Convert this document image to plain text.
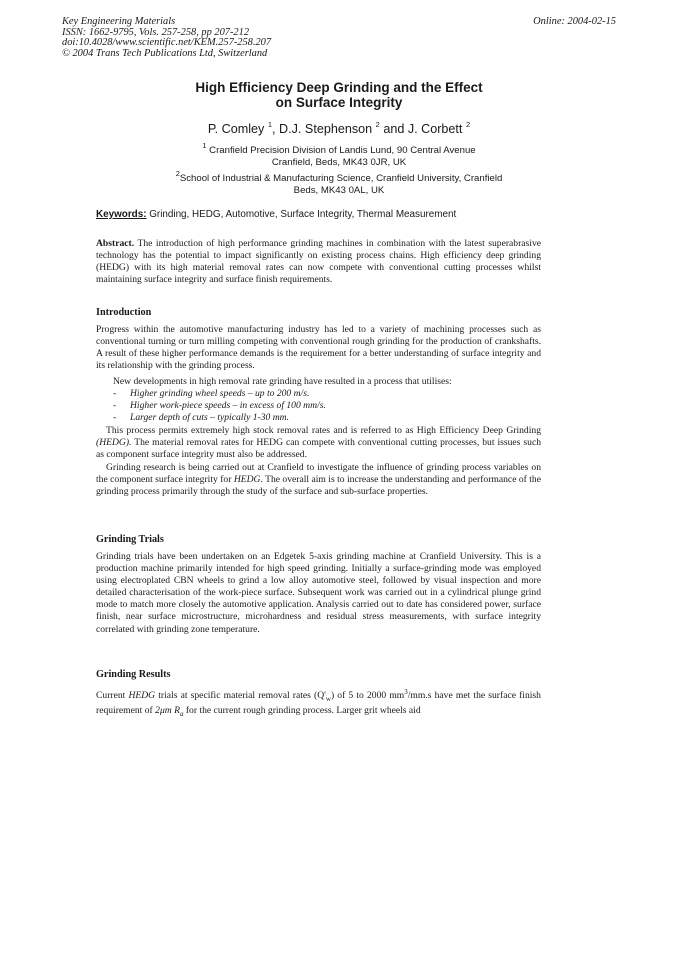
Key Engineering Materials
ISSN: 1662-9795, Vols. 257-258, pp 207-212
doi:10.4028/www.scientific.net/KEM.257-258.207
© 2004 Trans Tech Publications Ltd, Switzerland
Online: 2004-02-15
High Efficiency Deep Grinding and the Effect
on Surface Integrity
P. Comley $^1$, D.J. Stephenson $^2$ and J. Corbett $^2$
$^1$ Cranfield Precision Division of Landis Lund, 90 Central Avenue
Cranfield, Beds, MK43 0JR, UK
$^2$School of Industrial & Manufacturing Science, Cranfield University, Cranfield
Beds, MK43 0AL, UK
Keywords: Grinding, HEDG, Automotive, Surface Integrity, Thermal Measurement
Abstract. The introduction of high performance grinding machines in combination with the latest superabrasive technology has the potential to impact significantly on existing process chains. High efficiency deep grinding (HEDG) with its high material removal rates can now compete with conventional cutting processes whilst maintaining surface integrity and surface finish requirements.
Introduction
Progress within the automotive manufacturing industry has led to a variety of machining processes such as conventional turning or turn milling competing with conventional rough grinding for the production of crankshafts. A result of these higher performance demands is the requirement for a better understanding of surface integrity and its relationship with the grinding process.
New developments in high removal rate grinding have resulted in a process that utilises:
- Higher grinding wheel speeds – up to 200 m/s.
- Higher work-piece speeds – in excess of 100 mm/s.
- Larger depth of cuts – typically 1-30 mm.
This process permits extremely high stock removal rates and is referred to as High Efficiency Deep Grinding (HEDG). The material removal rates for HEDG can compete with conventional cutting processes, but issues such as component surface integrity must also be addressed.
Grinding research is being carried out at Cranfield to investigate the influence of grinding process variables on the component surface integrity for HEDG. The overall aim is to increase the understanding and performance of the grinding process primarily through the study of the surface and sub-surface properties.
Grinding Trials
Grinding trials have been undertaken on an Edgetek 5-axis grinding machine at Cranfield University. This is a production machine primarily intended for high speed grinding. Initially a surface-grinding mode was employed using electroplated CBN wheels to grind a low alloy automotive steel, followed by visual inspection and more detailed characterisation of the work-piece surface. Subsequent work was carried out in a cylindrical plunge grind mode to match more closely the automotive application. Analysis carried out to date has considered power, surface finish, near surface microstructure, microhardness and residual stress measurements, with surface integrity correlated with grinding zone temperature.
Grinding Results
Current HEDG trials at specific material removal rates $(Q'_w)$ of 5 to 2000 $mm^3/mm.s$ have met the surface finish requirement of 2μm $R_a$ for the current rough grinding process. Larger grit wheels aid
